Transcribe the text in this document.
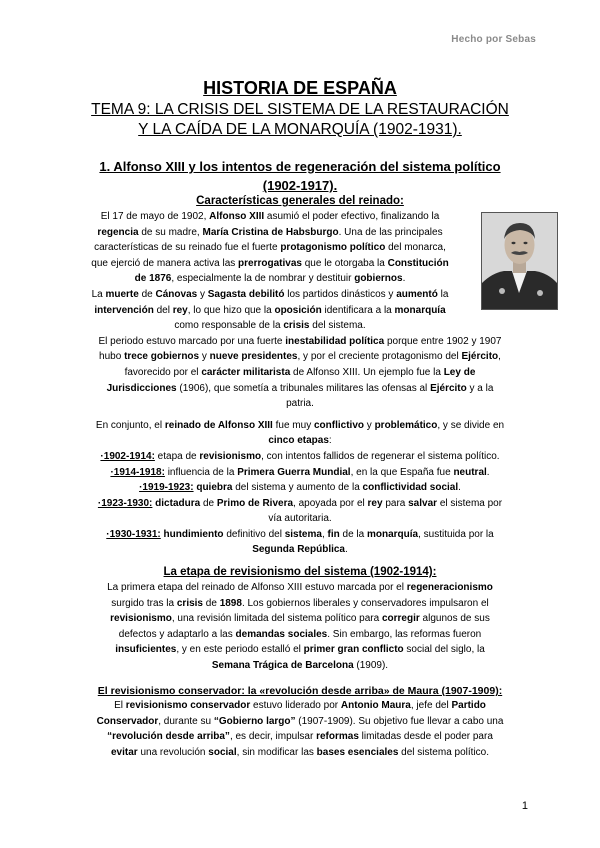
Hecho por Sebas
HISTORIA DE ESPAÑA
TEMA 9: LA CRISIS DEL SISTEMA DE LA RESTAURACIÓN
Y LA CAÍDA DE LA MONARQUÍA (1902-1931).
1. Alfonso XIII y los intentos de regeneración del sistema político
(1902-1917).

Características generales del reinado:

El 17 de mayo de 1902, Alfonso XIII asumió el poder efectivo, finalizando la
regencia de su madre, María Cristina de Habsburgo. Una de las principales
características de su reinado fue el fuerte protagonismo político del monarca,
que ejerció de manera activa las prerrogativas que le otorgaba la Constitución
de 1876, especialmente la de nombrar y destituir gobiernos.

La muerte de Cánovas y Sagasta debilitó los partidos dinásticos y aumentó la
intervención del rey, lo que hizo que la oposición identificara a la monarquía
como responsable de la crisis del sistema.

El periodo estuvo marcado por una fuerte inestabilidad política porque entre 1902 y 1907
hubo trece gobiernos y nueve presidentes, y por el creciente protagonismo del Ejército,
favorecido por el carácter militarista de Alfonso XIII. Un ejemplo fue la Ley de
Jurisdicciones (1906), que sometía a tribunales militares las ofensas al Ejército y a la
patria.

En conjunto, el reinado de Alfonso XIII fue muy conflictivo y problemático, y se divide en
cinco etapas:

·1902-1914: etapa de revisionismo, con intentos fallidos de regenerar el sistema político.
·1914-1918: influencia de la Primera Guerra Mundial, en la que España fue neutral.
·1919-1923: quiebra del sistema y aumento de la conflictividad social.
·1923-1930: dictadura de Primo de Rivera, apoyada por el rey para salvar el sistema por
vía autoritaria.
·1930-1931: hundimiento definitivo del sistema, fin de la monarquía, sustituida por la
Segunda República.

La etapa de revisionismo del sistema (1902-1914):

La primera etapa del reinado de Alfonso XIII estuvo marcada por el regeneracionismo
surgido tras la crisis de 1898. Los gobiernos liberales y conservadores impulsaron el
revisionismo, una revisión limitada del sistema político para corregir algunos de sus
defectos y adaptarlo a las demandas sociales. Sin embargo, las reformas fueron
insuficientes, y en este periodo estalló el primer gran conflicto social del siglo, la
Semana Trágica de Barcelona (1909).

El revisionismo conservador: la «revolución desde arriba» de Maura (1907-1909):

El revisionismo conservador estuvo liderado por Antonio Maura, jefe del Partido
Conservador, durante su “Gobierno largo” (1907-1909). Su objetivo fue llevar a cabo una
“revolución desde arriba”, es decir, impulsar reformas limitadas desde el poder para
evitar una revolución social, sin modificar las bases esenciales del sistema político.

1
